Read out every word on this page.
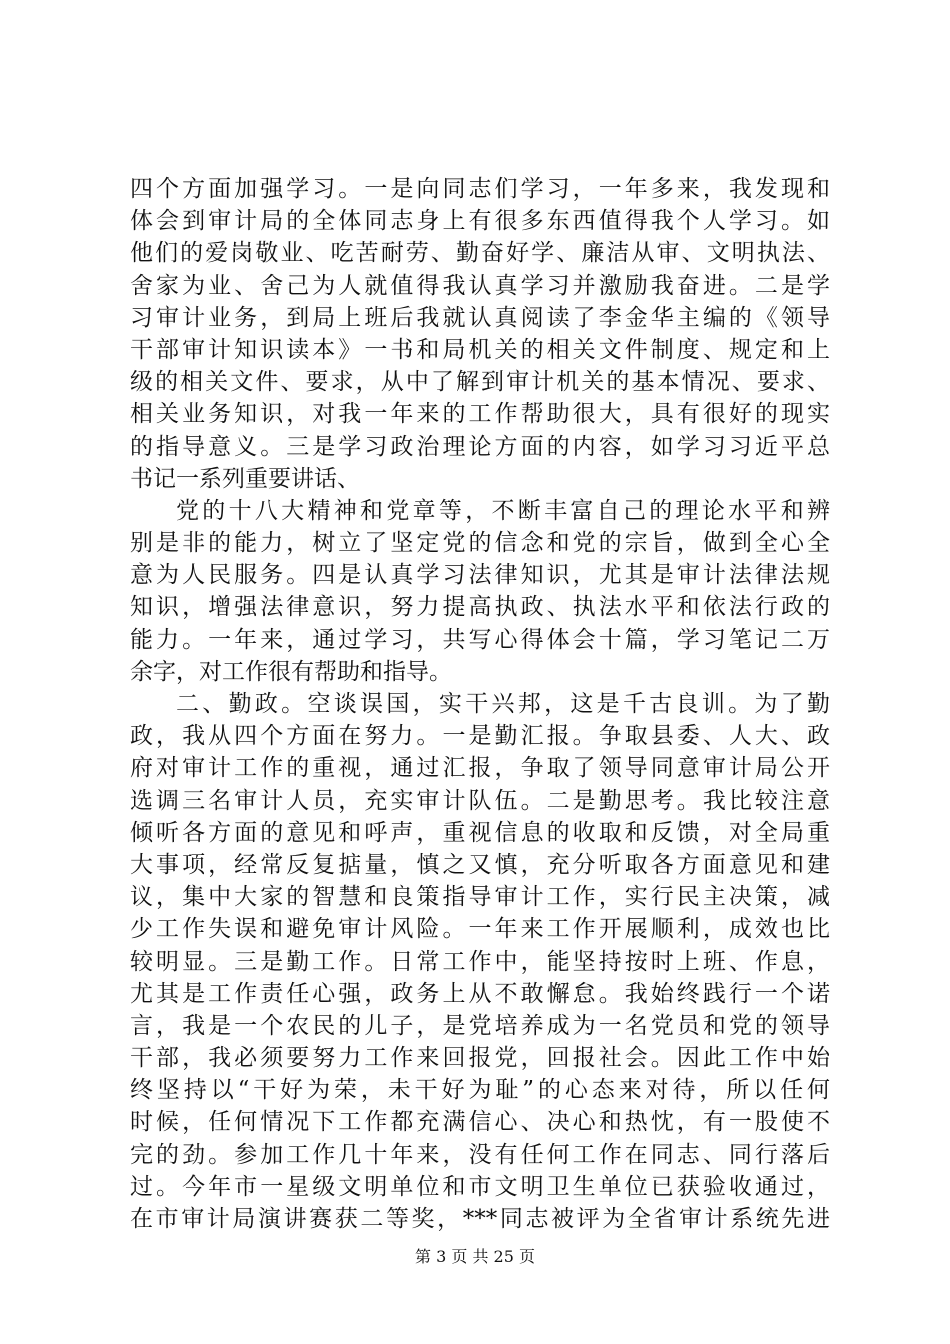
四个方面加强学习。一是向同志们学习，一年多来，我发现和
体会到审计局的全体同志身上有很多东西值得我个人学习。如
他们的爱岗敬业、吃苦耐劳、勤奋好学、廉洁从审、文明执法、
舍家为业、舍己为人就值得我认真学习并激励我奋进。二是学
习审计业务，到局上班后我就认真阅读了李金华主编的《领导
干部审计知识读本》一书和局机关的相关文件制度、规定和上
级的相关文件、要求，从中了解到审计机关的基本情况、要求、
相关业务知识，对我一年来的工作帮助很大，具有很好的现实
的指导意义。三是学习政治理论方面的内容，如学习习近平总
书记一系列重要讲话、
党的十八大精神和党章等，不断丰富自己的理论水平和辨
别是非的能力，树立了坚定党的信念和党的宗旨，做到全心全
意为人民服务。四是认真学习法律知识，尤其是审计法律法规
知识，增强法律意识，努力提高执政、执法水平和依法行政的
能力。一年来，通过学习，共写心得体会十篇，学习笔记二万
余字，对工作很有帮助和指导。
二、勤政。空谈误国，实干兴邦，这是千古良训。为了勤
政，我从四个方面在努力。一是勤汇报。争取县委、人大、政
府对审计工作的重视，通过汇报，争取了领导同意审计局公开
选调三名审计人员，充实审计队伍。二是勤思考。我比较注意
倾听各方面的意见和呼声，重视信息的收取和反馈，对全局重
大事项，经常反复掂量，慎之又慎，充分听取各方面意见和建
议，集中大家的智慧和良策指导审计工作，实行民主决策，减
少工作失误和避免审计风险。一年来工作开展顺利，成效也比
较明显。三是勤工作。日常工作中，能坚持按时上班、作息，
尤其是工作责任心强，政务上从不敢懈怠。我始终践行一个诺
言，我是一个农民的儿子，是党培养成为一名党员和党的领导
干部，我必须要努力工作来回报党，回报社会。因此工作中始
终坚持以“干好为荣，未干好为耻”的心态来对待，所以任何
时候，任何情况下工作都充满信心、决心和热忱，有一股使不
完的劲。参加工作几十年来，没有任何工作在同志、同行落后
过。今年市一星级文明单位和市文明卫生单位已获验收通过，
在市审计局演讲赛获二等奖，***同志被评为全省审计系统先进
第 3 页 共 25 页
